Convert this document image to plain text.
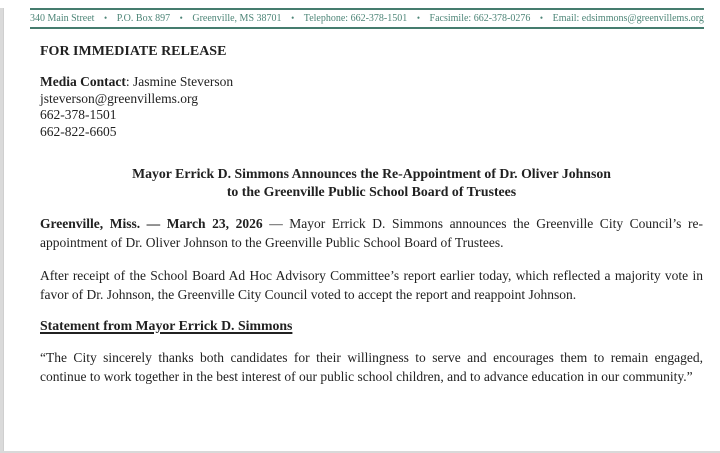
340 Main Street • P.O. Box 897 • Greenville, MS 38701 • Telephone: 662-378-1501 • Facsimile: 662-378-0276 • Email: edsimmons@greenvillems.org

FOR IMMEDIATE RELEASE

Media Contact: Jasmine Steverson

jsteverson@greenvillems.org

662-378-1501

662-822-6605

Mayor Errick D. Simmons Announces the Re-Appointment of Dr. Oliver Johnson
to the Greenville Public School Board of Trustees

Greenville, Miss. — March 23, 2026 — Mayor Errick D. Simmons announces the Greenville City Council’s re-appointment of Dr. Oliver Johnson to the Greenville Public School Board of Trustees.

After receipt of the School Board Ad Hoc Advisory Committee’s report earlier today, which reflected a majority vote in favor of Dr. Johnson, the Greenville City Council voted to accept the report and reappoint Johnson.

Statement from Mayor Errick D. Simmons

“The City sincerely thanks both candidates for their willingness to serve and encourages them to remain engaged, continue to work together in the best interest of our public school children, and to advance education in our community.”
